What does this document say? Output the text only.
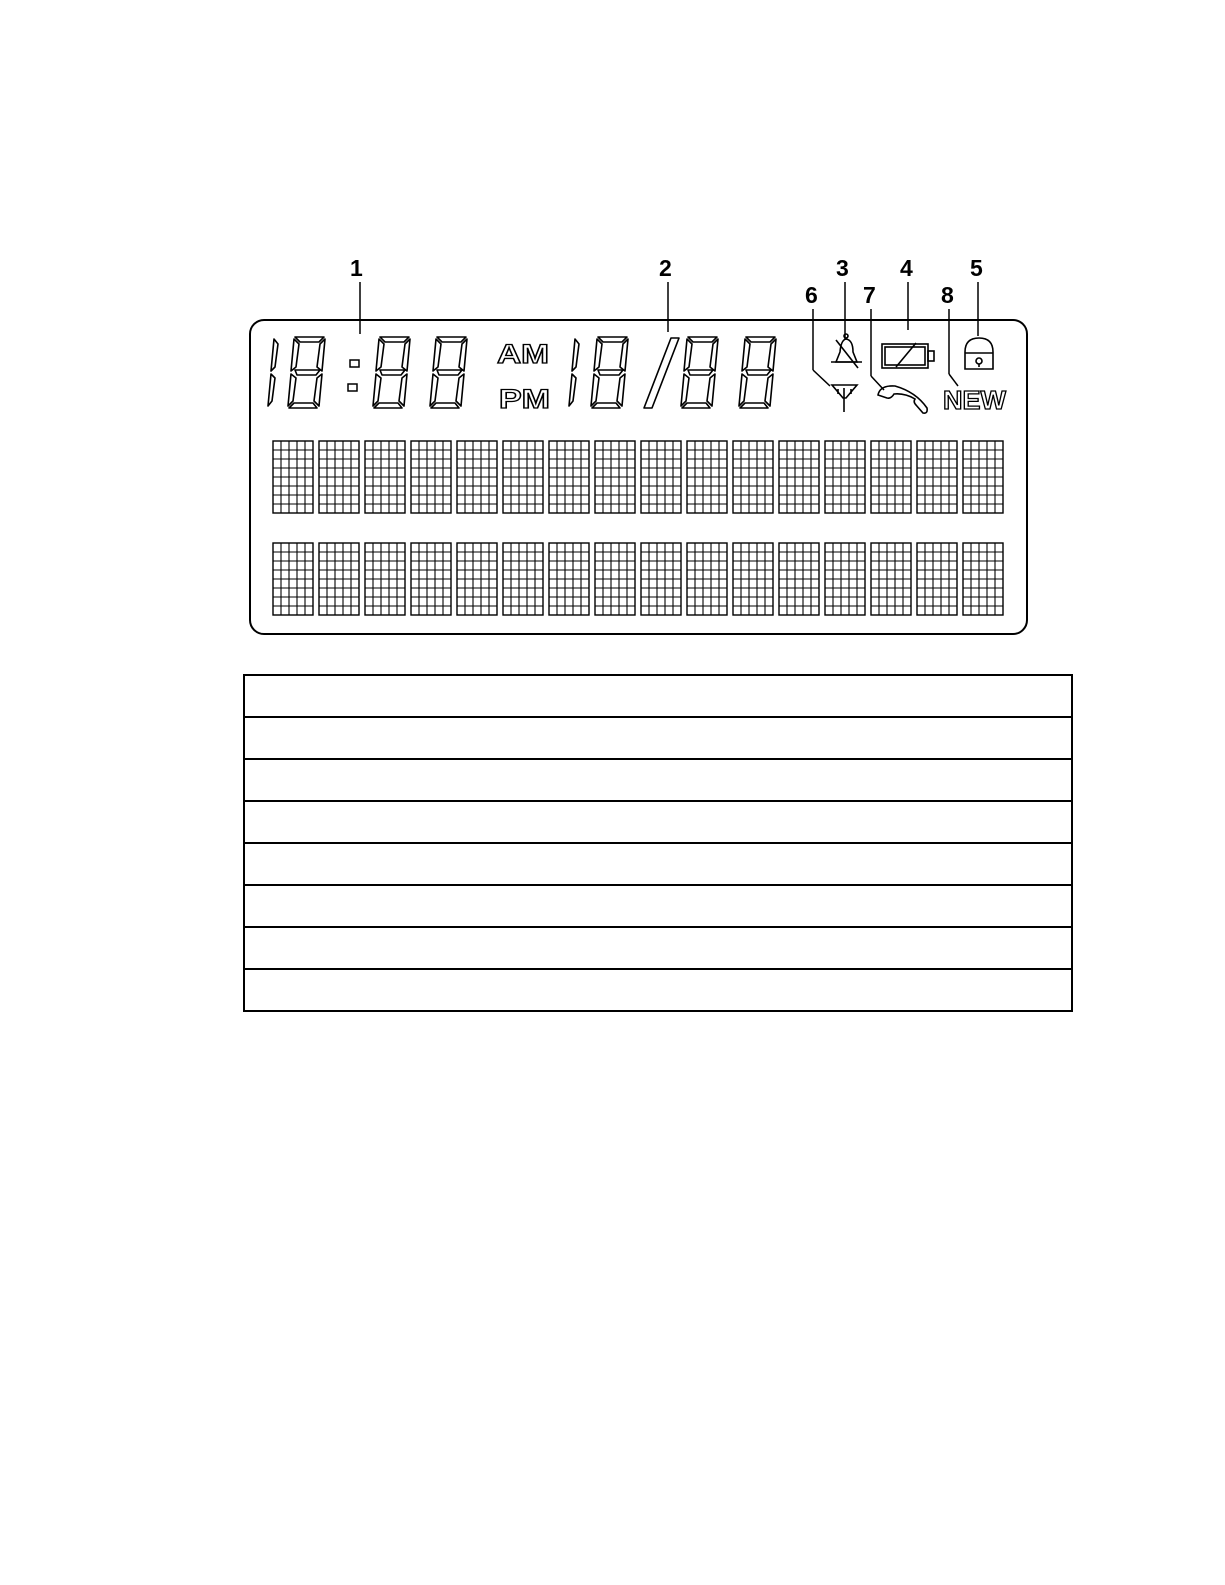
1	2	3 4 5
6 7	8
AM
PM	NEW
